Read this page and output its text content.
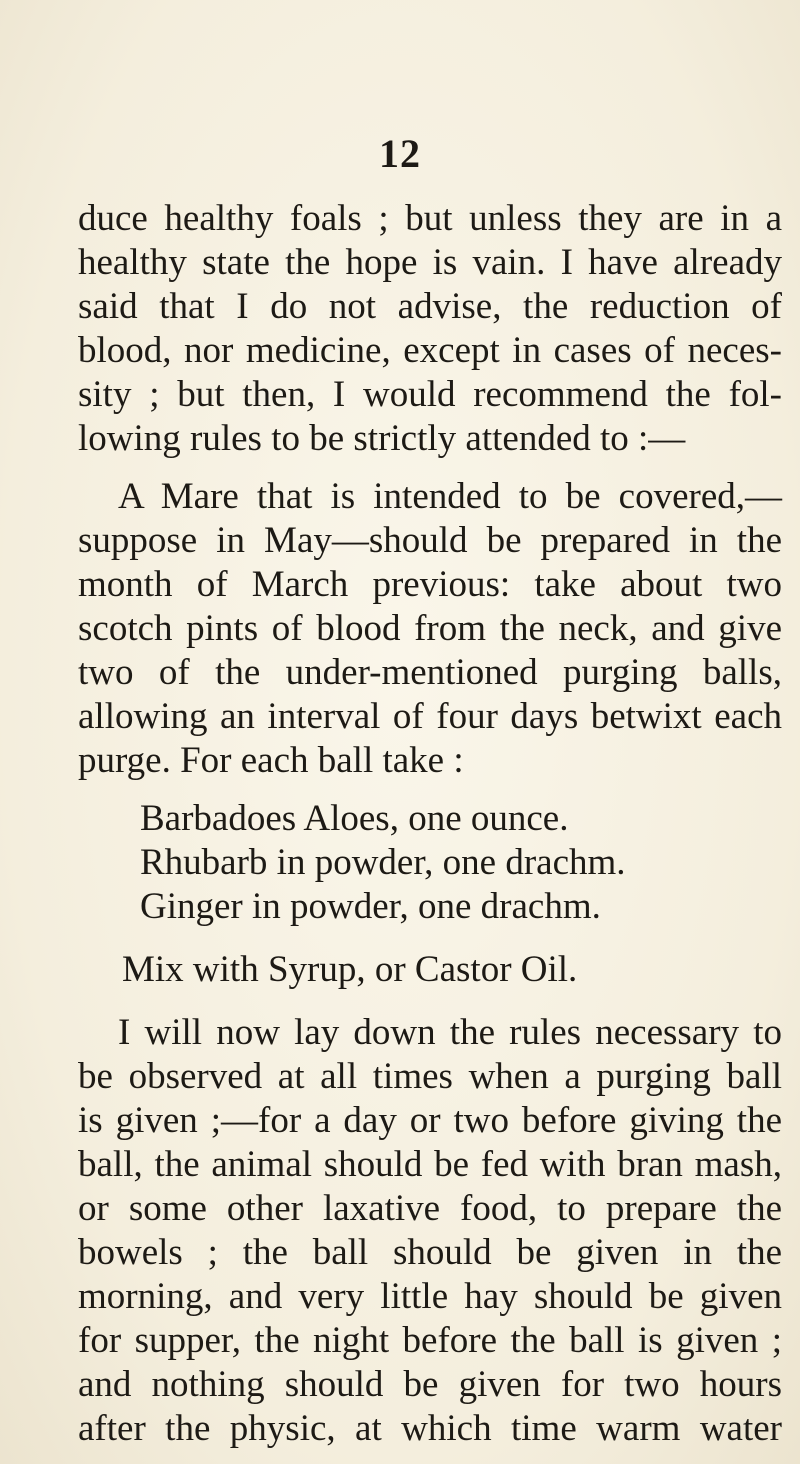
12
duce healthy foals ; but unless they are in a
healthy state the hope is vain. I have already
said that I do not advise, the reduction of
blood, nor medicine, except in cases of neces-
sity ; but then, I would recommend the fol-
lowing rules to be strictly attended to :—
A Mare that is intended to be covered,—
suppose in May—should be prepared in the
month of March previous: take about two
scotch pints of blood from the neck, and give
two of the under-mentioned purging balls,
allowing an interval of four days betwixt each
purge. For each ball take :
Barbadoes Aloes, one ounce.
Rhubarb in powder, one drachm.
Ginger in powder, one drachm.
Mix with Syrup, or Castor Oil.
I will now lay down the rules necessary to
be observed at all times when a purging ball
is given ;—for a day or two before giving the
ball, the animal should be fed with bran mash,
or some other laxative food, to prepare the
bowels ; the ball should be given in the
morning, and very little hay should be given
for supper, the night before the ball is given ;
and nothing should be given for two hours
after the physic, at which time warm water
